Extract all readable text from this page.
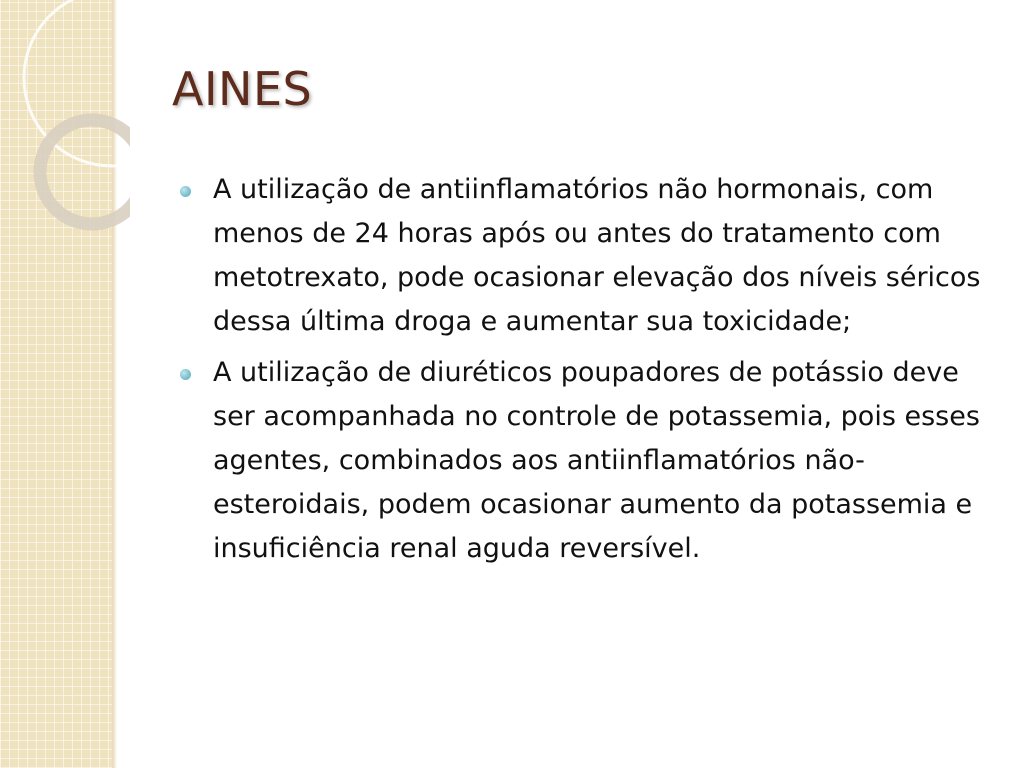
AINES
A utilização de antiinflamatórios não hormonais, com menos de 24 horas após ou antes do tratamento com metotrexato, pode ocasionar elevação dos níveis séricos dessa última droga e aumentar sua toxicidade;
A utilização de diuréticos poupadores de potássio deve ser acompanhada no controle de potassemia, pois esses agentes, combinados aos antiinflamatórios não-esteroidais, podem ocasionar aumento da potassemia e insuficiência renal aguda reversível.
